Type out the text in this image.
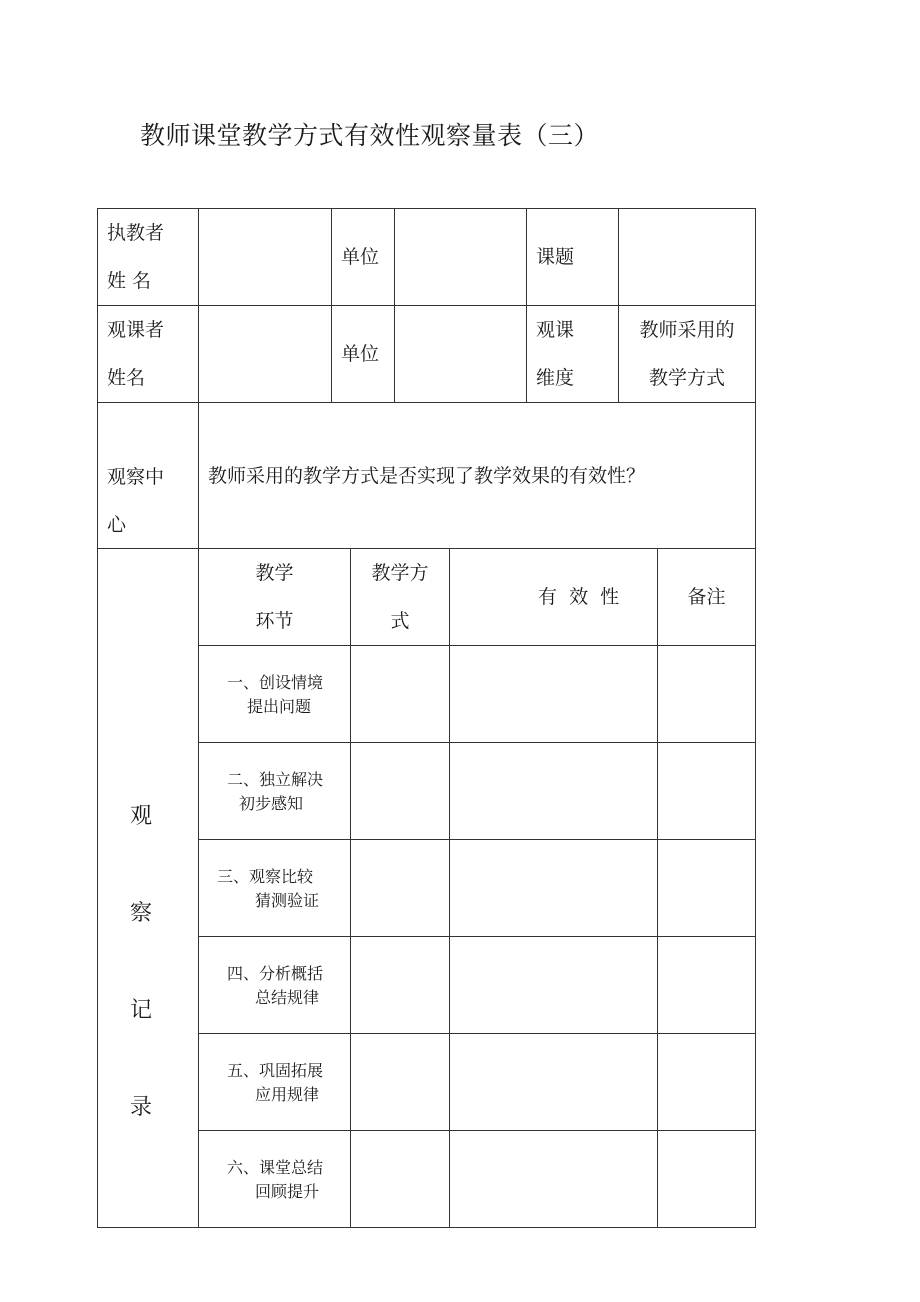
教师课堂教学方式有效性观察量表（三）
执教者
姓 名
单位	课题
观课者
姓名
单位
观课
维度
教师采用的
教学方式
观察中
心
教师采用的教学方式是否实现了教学效果的有效性？
观
察
记
录
教学
环节
教学方
式
有  效  性	备注
一、创设情境
提出问题
二、独立解决
初步感知
三、观察比较
猜测验证
四、分析概括
总结规律
五、巩固拓展
应用规律
六、课堂总结
回顾提升
